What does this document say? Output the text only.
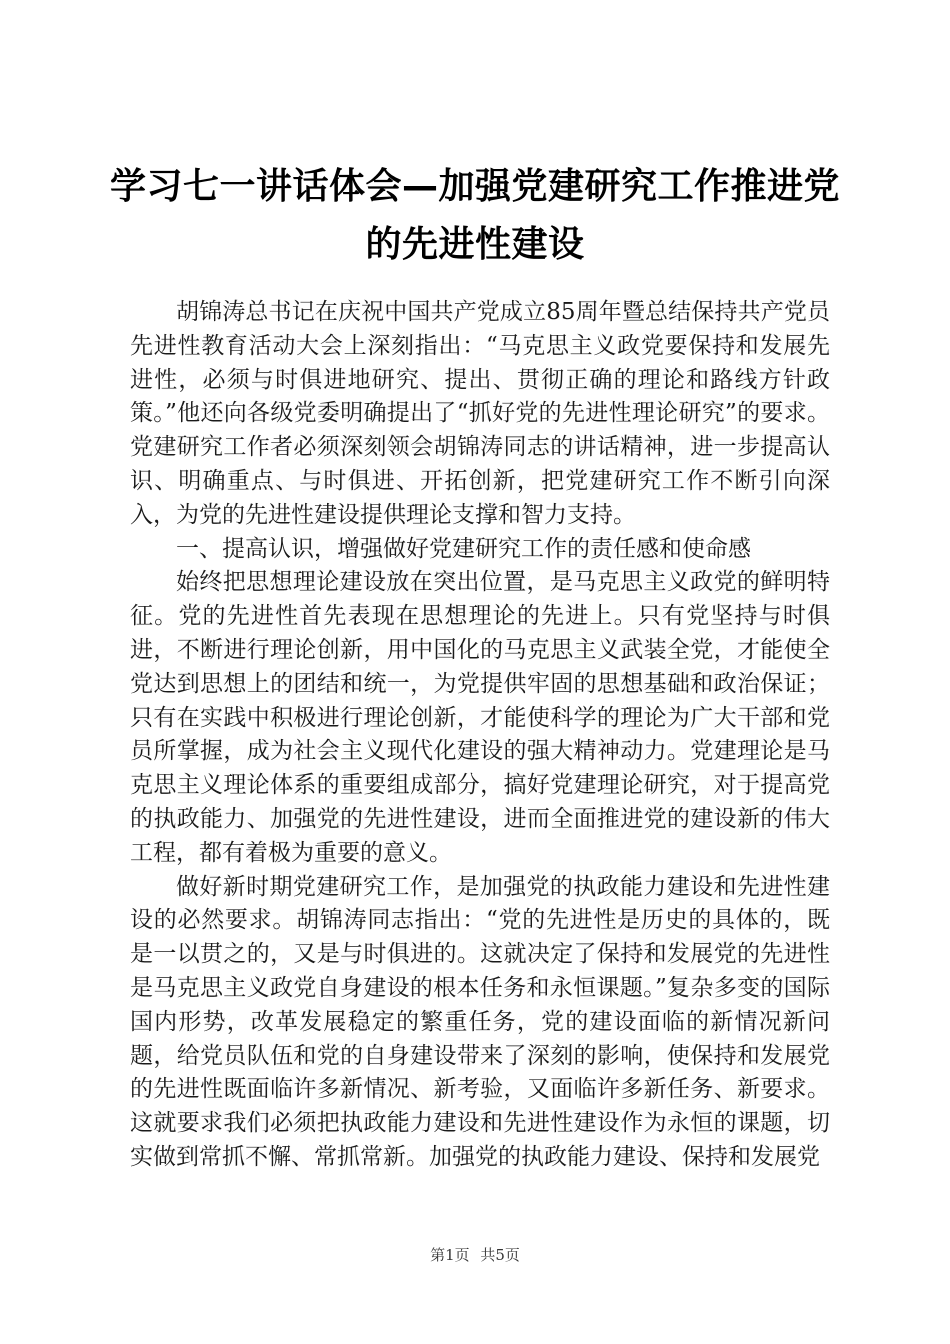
学习七一讲话体会—加强党建研究工作推进党
的先进性建设

胡锦涛总书记在庆祝中国共产党成立85周年暨总结保持共产党员先进性教育活动大会上深刻指出：“马克思主义政党要保持和发展先进性，必须与时俱进地研究、提出、贯彻正确的理论和路线方针政策。”他还向各级党委明确提出了“抓好党的先进性理论研究”的要求。党建研究工作者必须深刻领会胡锦涛同志的讲话精神，进一步提高认识、明确重点、与时俱进、开拓创新，把党建研究工作不断引向深入，为党的先进性建设提供理论支撑和智力支持。

一、提高认识，增强做好党建研究工作的责任感和使命感

始终把思想理论建设放在突出位置，是马克思主义政党的鲜明特征。党的先进性首先表现在思想理论的先进上。只有党坚持与时俱进，不断进行理论创新，用中国化的马克思主义武装全党，才能使全党达到思想上的团结和统一，为党提供牢固的思想基础和政治保证；只有在实践中积极进行理论创新，才能使科学的理论为广大干部和党员所掌握，成为社会主义现代化建设的强大精神动力。党建理论是马克思主义理论体系的重要组成部分，搞好党建理论研究，对于提高党的执政能力、加强党的先进性建设，进而全面推进党的建设新的伟大工程，都有着极为重要的意义。

做好新时期党建研究工作，是加强党的执政能力建设和先进性建设的必然要求。胡锦涛同志指出：“党的先进性是历史的具体的，既是一以贯之的，又是与时俱进的。这就决定了保持和发展党的先进性是马克思主义政党自身建设的根本任务和永恒课题。”复杂多变的国际国内形势，改革发展稳定的繁重任务，党的建设面临的新情况新问题，给党员队伍和党的自身建设带来了深刻的影响，使保持和发展党的先进性既面临许多新情况、新考验，又面临许多新任务、新要求。这就要求我们必须把执政能力建设和先进性建设作为永恒的课题，切实做到常抓不懈、常抓常新。加强党的执政能力建设、保持和发展党

第1页 共5页
